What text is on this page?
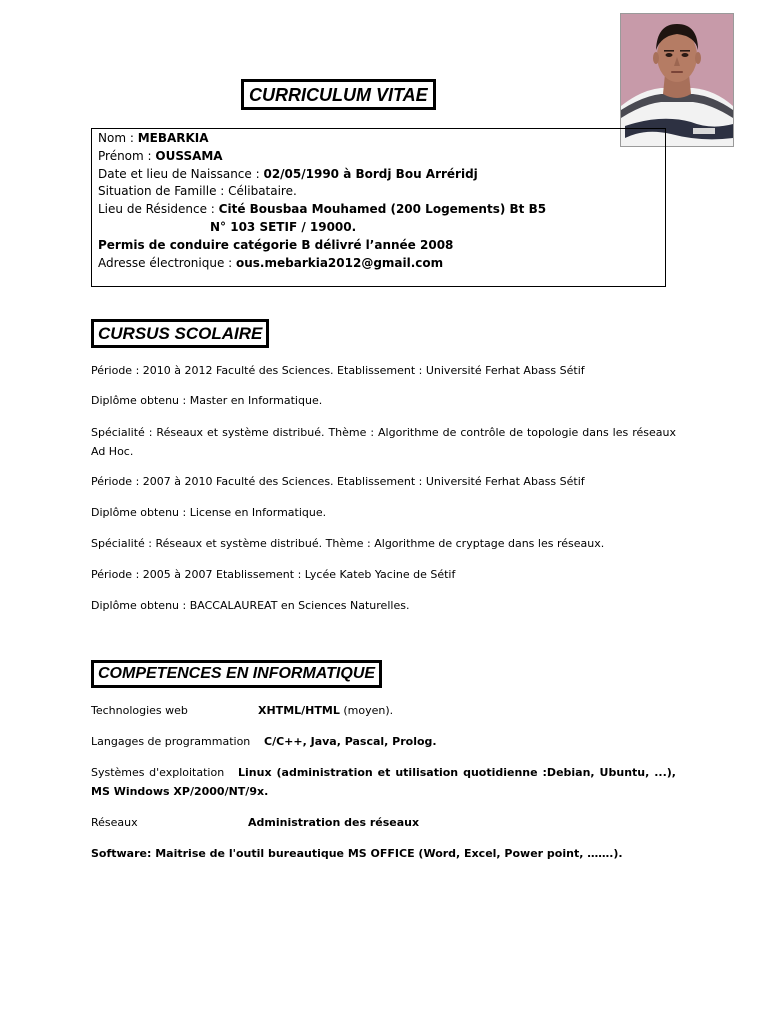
CURRICULUM VITAE
Nom : MEBARKIA
Prénom : OUSSAMA
Date et lieu de Naissance : 02/05/1990 à Bordj Bou Arréridj
Situation de Famille : Célibataire.
Lieu de Résidence : Cité Bousbaa Mouhamed (200 Logements) Bt B5
N° 103 SETIF / 19000.
Permis de conduire catégorie B délivré l’année 2008
Adresse électronique : ous.mebarkia2012@gmail.com
CURSUS SCOLAIRE
Période : 2010 à 2012 Faculté des Sciences. Etablissement : Université Ferhat Abass Sétif
Diplôme obtenu : Master en Informatique.
Spécialité : Réseaux et système distribué. Thème : Algorithme de contrôle de topologie dans les réseaux Ad Hoc.
Période : 2007 à 2010 Faculté des Sciences. Etablissement : Université Ferhat Abass Sétif
Diplôme obtenu : License en Informatique.
Spécialité : Réseaux et système distribué. Thème : Algorithme de cryptage dans les réseaux.
Période : 2005 à 2007 Etablissement : Lycée Kateb Yacine de Sétif
Diplôme obtenu : BACCALAUREAT en Sciences Naturelles.
COMPETENCES EN INFORMATIQUE
Technologies web	XHTML/HTML (moyen).
Langages de programmation C/C++, Java, Pascal, Prolog.
Systèmes d'exploitation Linux (administration et utilisation quotidienne :Debian, Ubuntu, ...), MS Windows XP/2000/NT/9x.
Réseaux	Administration des réseaux
Software: Maitrise de l'outil bureautique MS OFFICE (Word, Excel, Power point, …….).
